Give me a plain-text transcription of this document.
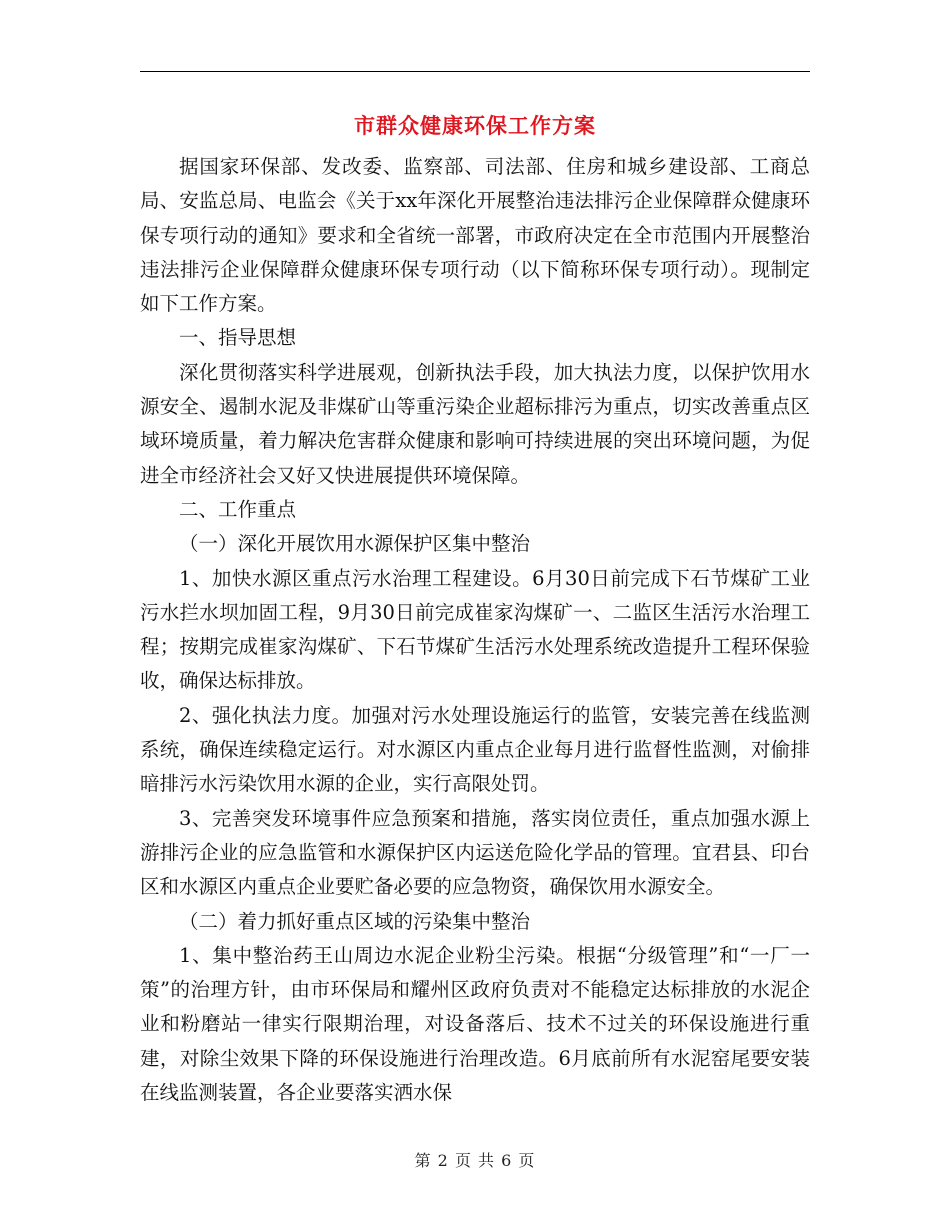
市群众健康环保工作方案

据国家环保部、发改委、监察部、司法部、住房和城乡建设部、工商总局、安监总局、电监会《关于xx年深化开展整治违法排污企业保障群众健康环保专项行动的通知》要求和全省统一部署，市政府决定在全市范围内开展整治违法排污企业保障群众健康环保专项行动（以下简称环保专项行动）。现制定如下工作方案。

一、指导思想

深化贯彻落实科学进展观，创新执法手段，加大执法力度，以保护饮用水源安全、遏制水泥及非煤矿山等重污染企业超标排污为重点，切实改善重点区域环境质量，着力解决危害群众健康和影响可持续进展的突出环境问题，为促进全市经济社会又好又快进展提供环境保障。

二、工作重点

（一）深化开展饮用水源保护区集中整治

1、加快水源区重点污水治理工程建设。6月30日前完成下石节煤矿工业污水拦水坝加固工程，9月30日前完成崔家沟煤矿一、二监区生活污水治理工程；按期完成崔家沟煤矿、下石节煤矿生活污水处理系统改造提升工程环保验收，确保达标排放。

2、强化执法力度。加强对污水处理设施运行的监管，安装完善在线监测系统，确保连续稳定运行。对水源区内重点企业每月进行监督性监测，对偷排暗排污水污染饮用水源的企业，实行高限处罚。

3、完善突发环境事件应急预案和措施，落实岗位责任，重点加强水源上游排污企业的应急监管和水源保护区内运送危险化学品的管理。宜君县、印台区和水源区内重点企业要贮备必要的应急物资，确保饮用水源安全。

（二）着力抓好重点区域的污染集中整治

1、集中整治药王山周边水泥企业粉尘污染。根据“分级管理”和“一厂一策”的治理方针，由市环保局和耀州区政府负责对不能稳定达标排放的水泥企业和粉磨站一律实行限期治理，对设备落后、技术不过关的环保设施进行重建，对除尘效果下降的环保设施进行治理改造。6月底前所有水泥窑尾要安装在线监测装置，各企业要落实洒水保

第 2 页 共 6 页
